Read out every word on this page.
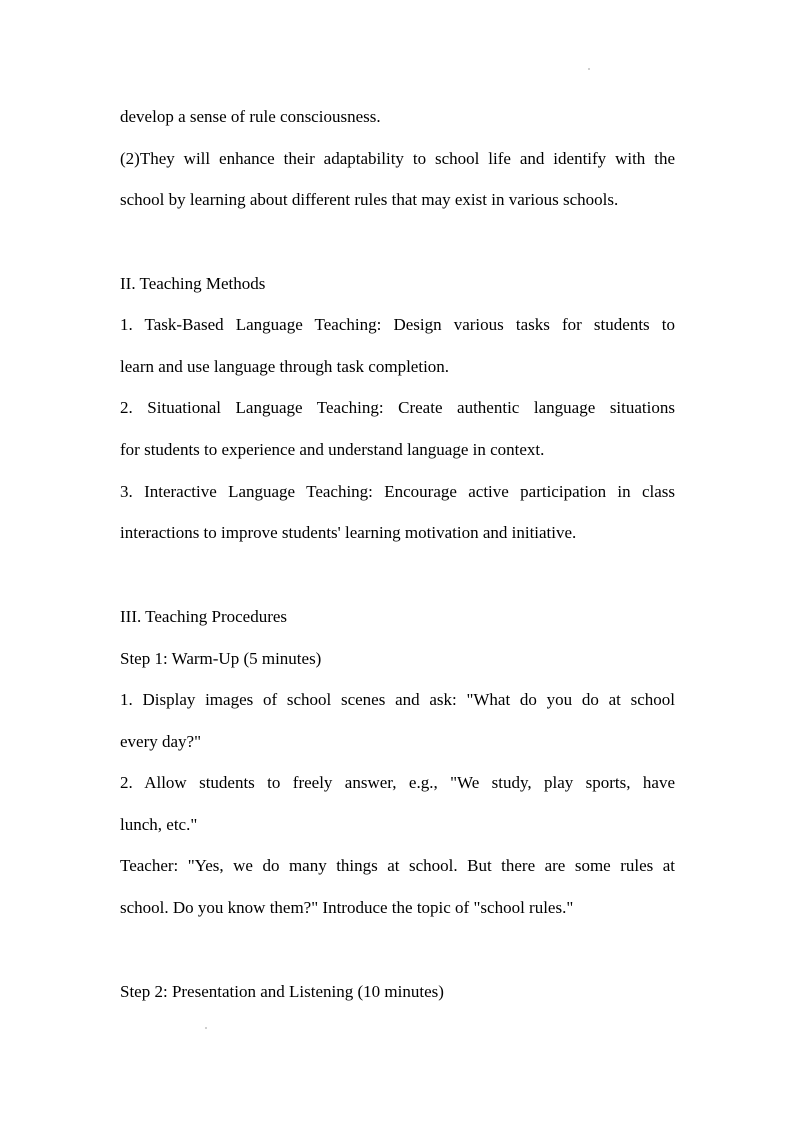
develop a sense of rule consciousness.
(2)They will enhance their adaptability to school life and identify with the
school by learning about different rules that may exist in various schools.
II. Teaching Methods
1. Task-Based Language Teaching: Design various tasks for students to
learn and use language through task completion.
2. Situational Language Teaching: Create authentic language situations
for students to experience and understand language in context.
3. Interactive Language Teaching: Encourage active participation in class
interactions to improve students' learning motivation and initiative.
III. Teaching Procedures
Step 1: Warm-Up (5 minutes)
1. Display images of school scenes and ask: "What do you do at school
every day?"
2. Allow students to freely answer, e.g., "We study, play sports, have
lunch, etc."
Teacher: "Yes, we do many things at school. But there are some rules at
school. Do you know them?" Introduce the topic of "school rules."
Step 2: Presentation and Listening (10 minutes)
